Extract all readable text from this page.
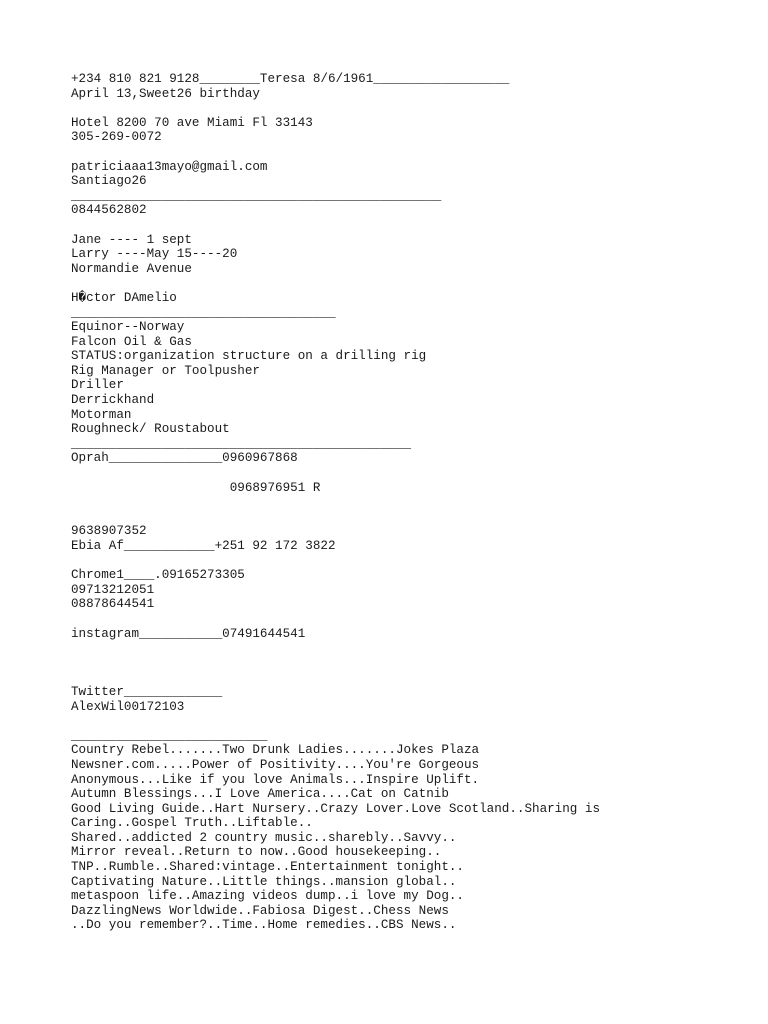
+234 810 821 9128________Teresa 8/6/1961__________________
April 13,Sweet26 birthday
Hotel 8200 70 ave Miami Fl 33143
305-269-0072
patriciaaa13mayo@gmail.com
Santiago26
_________________________________________________
0844562802
Jane ---- 1 sept
Larry ----May 15----20
Normandie Avenue
H�ctor DAmelio
___________________________________
Equinor--Norway
Falcon Oil & Gas
STATUS:organization structure on a drilling rig
Rig Manager or Toolpusher
Driller
Derrickhand
Motorman
Roughneck/ Roustabout
_____________________________________________
Oprah_______________0960967868
0968976951 R
9638907352
Ebia Af____________+251 92 172 3822
Chrome1____.09165273305
09713212051
08878644541
instagram___________07491644541
Twitter_____________
AlexWil00172103
__________________________
Country Rebel.......Two Drunk Ladies.......Jokes Plaza
Newsner.com.....Power of Positivity....You're Gorgeous
Anonymous...Like if you love Animals...Inspire Uplift.
Autumn Blessings...I Love America....Cat on Catnib
Good Living Guide..Hart Nursery..Crazy Lover.Love Scotland..Sharing is
Caring..Gospel Truth..Liftable..
Shared..addicted 2 country music..sharebly..Savvy..
Mirror reveal..Return to now..Good housekeeping..
TNP..Rumble..Shared:vintage..Entertainment tonight..
Captivating Nature..Little things..mansion global..
metaspoon life..Amazing videos dump..i love my Dog..
DazzlingNews Worldwide..Fabiosa Digest..Chess News
..Do you remember?..Time..Home remedies..CBS News..
